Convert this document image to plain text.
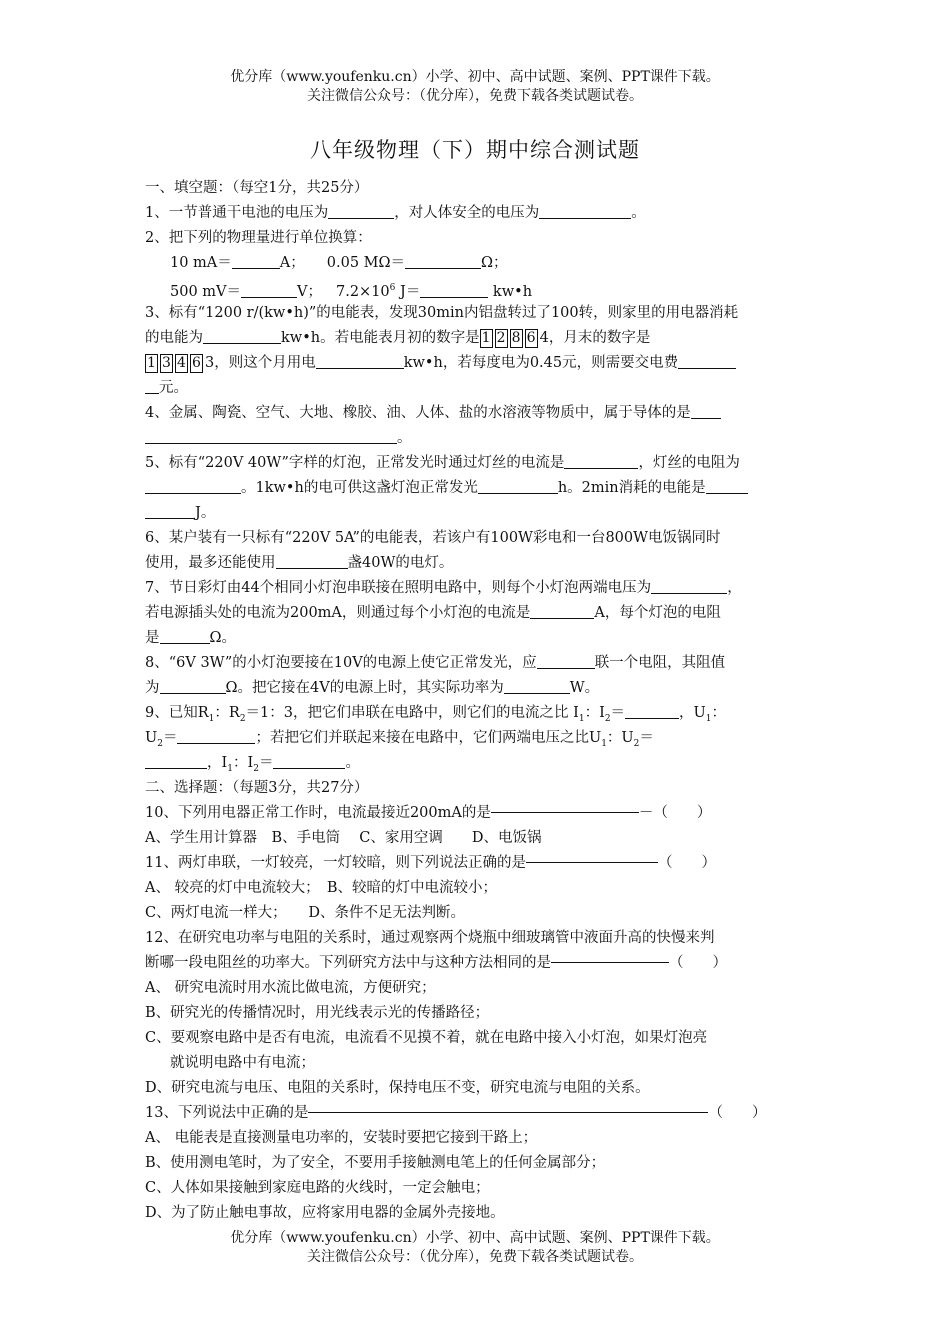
优分库（www.youfenku.cn）小学、初中、高中试题、案例、PPT课件下载。
关注微信公众号：（优分库），免费下载各类试题试卷。
八年级物理（下）期中综合测试题
一、填空题：（每空1分，共25分）
1、一节普通干电池的电压为	，对人体安全的电压为	。
2、把下列的物理量进行单位换算：
10 mA＝	A； 0.05 MΩ＝	Ω；
500 mV＝	V； $7.2\times 10^6$ J＝	kw•h
3、标有“1200 r/(kw•h)”的电能表，发现30min内铝盘转过了100转，则家里的用电器消耗
的电能为	kw•h。若电能表月初的数字是 1 2 8 6 4，月末的数字是
1 3 4 6 3，则这个月用电	kw•h，若每度电为0.45元，则需要交电费
元。
4、金属、陶瓷、空气、大地、橡胶、油、人体、盐的水溶液等物质中，属于导体的是
。
5、标有“220V 40W”字样的灯泡，正常发光时通过灯丝的电流是	，灯丝的电阻为
。1kw•h的电可供这盏灯泡正常发光	h。2min消耗的电能是
J。
6、某户装有一只标有“220V 5A”的电能表，若该户有100W彩电和一台800W电饭锅同时
使用，最多还能使用	盏40W的电灯。
7、节日彩灯由44个相同小灯泡串联接在照明电路中，则每个小灯泡两端电压为	，
若电源插头处的电流为200mA，则通过每个小灯泡的电流是	A，每个灯泡的电阻
是	Ω。
8、“6V 3W”的小灯泡要接在10V的电源上使它正常发光，应	联一个电阻，其阻值
为	Ω。把它接在4V的电源上时，其实际功率为	W。
9、已知$R_1$：$R_2=1$：3，把它们串联在电路中，则它们的电流之比 $I_1$：$I_2=$	，$U_1$：
$U_2=$	；若把它们并联起来接在电路中，它们两端电压之比$U_1$：$U_2=$
，$I_1$：$I_2=$	。
二、选择题：（每题3分，共27分）
10、下列用电器正常工作时，电流最接近200mA的是	－（　　）
A、学生用计算器　B、手电筒　 C、家用空调　　D、电饭锅
11、两灯串联，一灯较亮，一灯较暗，则下列说法正确的是	（　　）
A、 较亮的灯中电流较大；　B、较暗的灯中电流较小；
C、两灯电流一样大；　　D、条件不足无法判断。
12、在研究电功率与电阻的关系时，通过观察两个烧瓶中细玻璃管中液面升高的快慢来判
断哪一段电阻丝的功率大。下列研究方法中与这种方法相同的是	（　　）
A、 研究电流时用水流比做电流，方便研究；
B、研究光的传播情况时，用光线表示光的传播路径；
C、要观察电路中是否有电流，电流看不见摸不着，就在电路中接入小灯泡，如果灯泡亮
就说明电路中有电流；
D、研究电流与电压、电阻的关系时，保持电压不变，研究电流与电阻的关系。
13、下列说法中正确的是	（　　）
A、 电能表是直接测量电功率的，安装时要把它接到干路上；
B、使用测电笔时，为了安全，不要用手接触测电笔上的任何金属部分；
C、人体如果接触到家庭电路的火线时，一定会触电；
D、为了防止触电事故，应将家用电器的金属外壳接地。
优分库（www.youfenku.cn）小学、初中、高中试题、案例、PPT课件下载。
关注微信公众号：（优分库），免费下载各类试题试卷。
